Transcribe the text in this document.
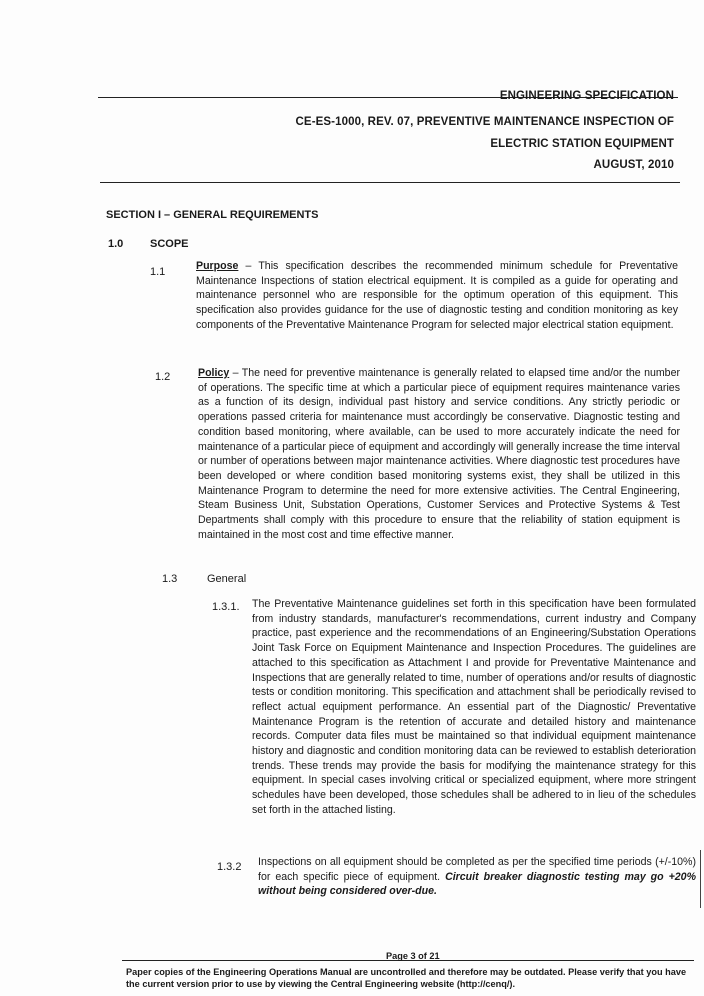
ENGINEERING SPECIFICATION
CE-ES-1000, REV. 07, PREVENTIVE MAINTENANCE INSPECTION OF
ELECTRIC STATION EQUIPMENT
AUGUST, 2010
SECTION I – GENERAL REQUIREMENTS
1.0 SCOPE
1.1	Purpose – This specification describes the recommended minimum schedule for Preventative Maintenance Inspections of station electrical equipment. It is compiled as a guide for operating and maintenance personnel who are responsible for the optimum operation of this equipment. This specification also provides guidance for the use of diagnostic testing and condition monitoring as key components of the Preventative Maintenance Program for selected major electrical station equipment.
1.2	Policy – The need for preventive maintenance is generally related to elapsed time and/or the number of operations. The specific time at which a particular piece of equipment requires maintenance varies as a function of its design, individual past history and service conditions. Any strictly periodic or operations passed criteria for maintenance must accordingly be conservative. Diagnostic testing and condition based monitoring, where available, can be used to more accurately indicate the need for maintenance of a particular piece of equipment and accordingly will generally increase the time interval or number of operations between major maintenance activities. Where diagnostic test procedures have been developed or where condition based monitoring systems exist, they shall be utilized in this Maintenance Program to determine the need for more extensive activities. The Central Engineering, Steam Business Unit, Substation Operations, Customer Services and Protective Systems & Test Departments shall comply with this procedure to ensure that the reliability of station equipment is maintained in the most cost and time effective manner.
1.3	General
1.3.1. The Preventative Maintenance guidelines set forth in this specification have been formulated from industry standards, manufacturer's recommendations, current industry and Company practice, past experience and the recommendations of an Engineering/Substation Operations Joint Task Force on Equipment Maintenance and Inspection Procedures. The guidelines are attached to this specification as Attachment I and provide for Preventative Maintenance and Inspections that are generally related to time, number of operations and/or results of diagnostic tests or condition monitoring. This specification and attachment shall be periodically revised to reflect actual equipment performance. An essential part of the Diagnostic/ Preventative Maintenance Program is the retention of accurate and detailed history and maintenance records. Computer data files must be maintained so that individual equipment maintenance history and diagnostic and condition monitoring data can be reviewed to establish deterioration trends. These trends may provide the basis for modifying the maintenance strategy for this equipment. In special cases involving critical or specialized equipment, where more stringent schedules have been developed, those schedules shall be adhered to in lieu of the schedules set forth in the attached listing.
1.3.2 Inspections on all equipment should be completed as per the specified time periods (+/-10%) for each specific piece of equipment. Circuit breaker diagnostic testing may go +20% without being considered over-due.
Page 3 of 21
Paper copies of the Engineering Operations Manual are uncontrolled and therefore may be outdated. Please verify that you have the current version prior to use by viewing the Central Engineering website (http://cenq/).
